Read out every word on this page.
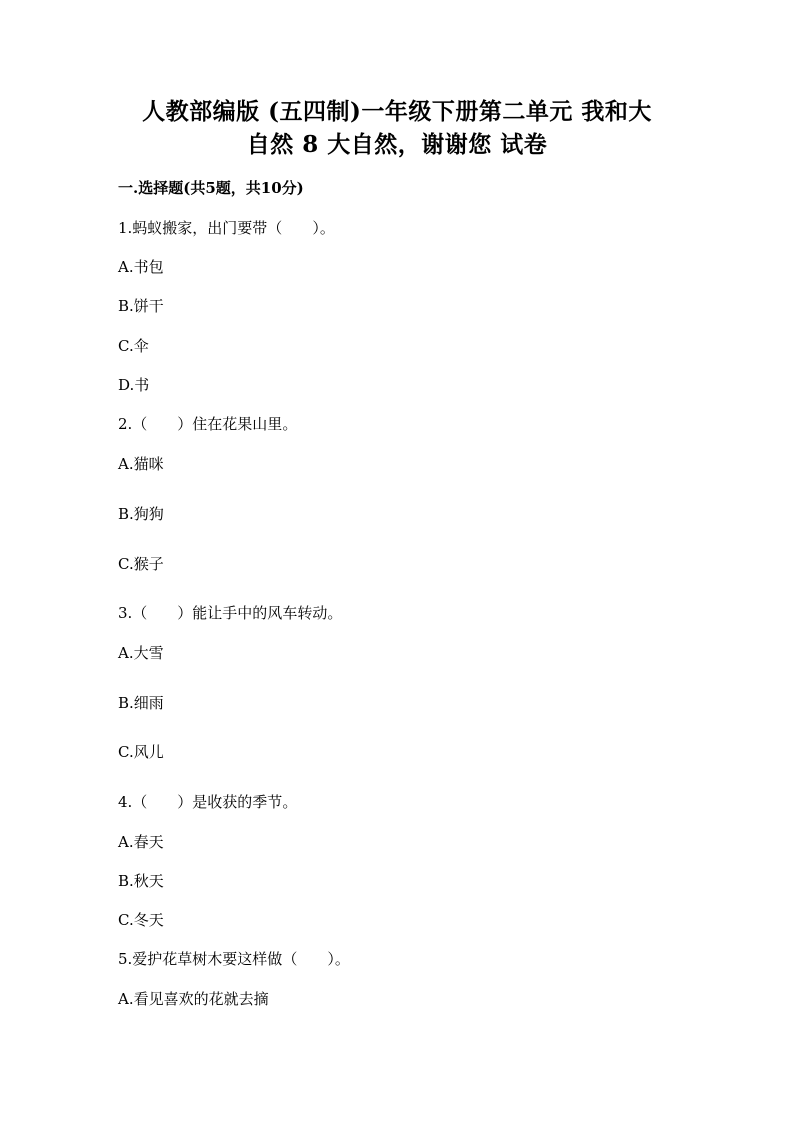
人教部编版 (五四制)一年级下册第二单元 我和大
自然 8 大自然，谢谢您 试卷
一.选择题(共5题，共10分)
1.蚂蚁搬家，出门要带（　　）。
A.书包
B.饼干
C.伞
D.书
2.（　　）住在花果山里。
A.猫咪
B.狗狗
C.猴子
3.（　　）能让手中的风车转动。
A.大雪
B.细雨
C.风儿
4.（　　）是收获的季节。
A.春天
B.秋天
C.冬天
5.爱护花草树木要这样做（　　）。
A.看见喜欢的花就去摘
